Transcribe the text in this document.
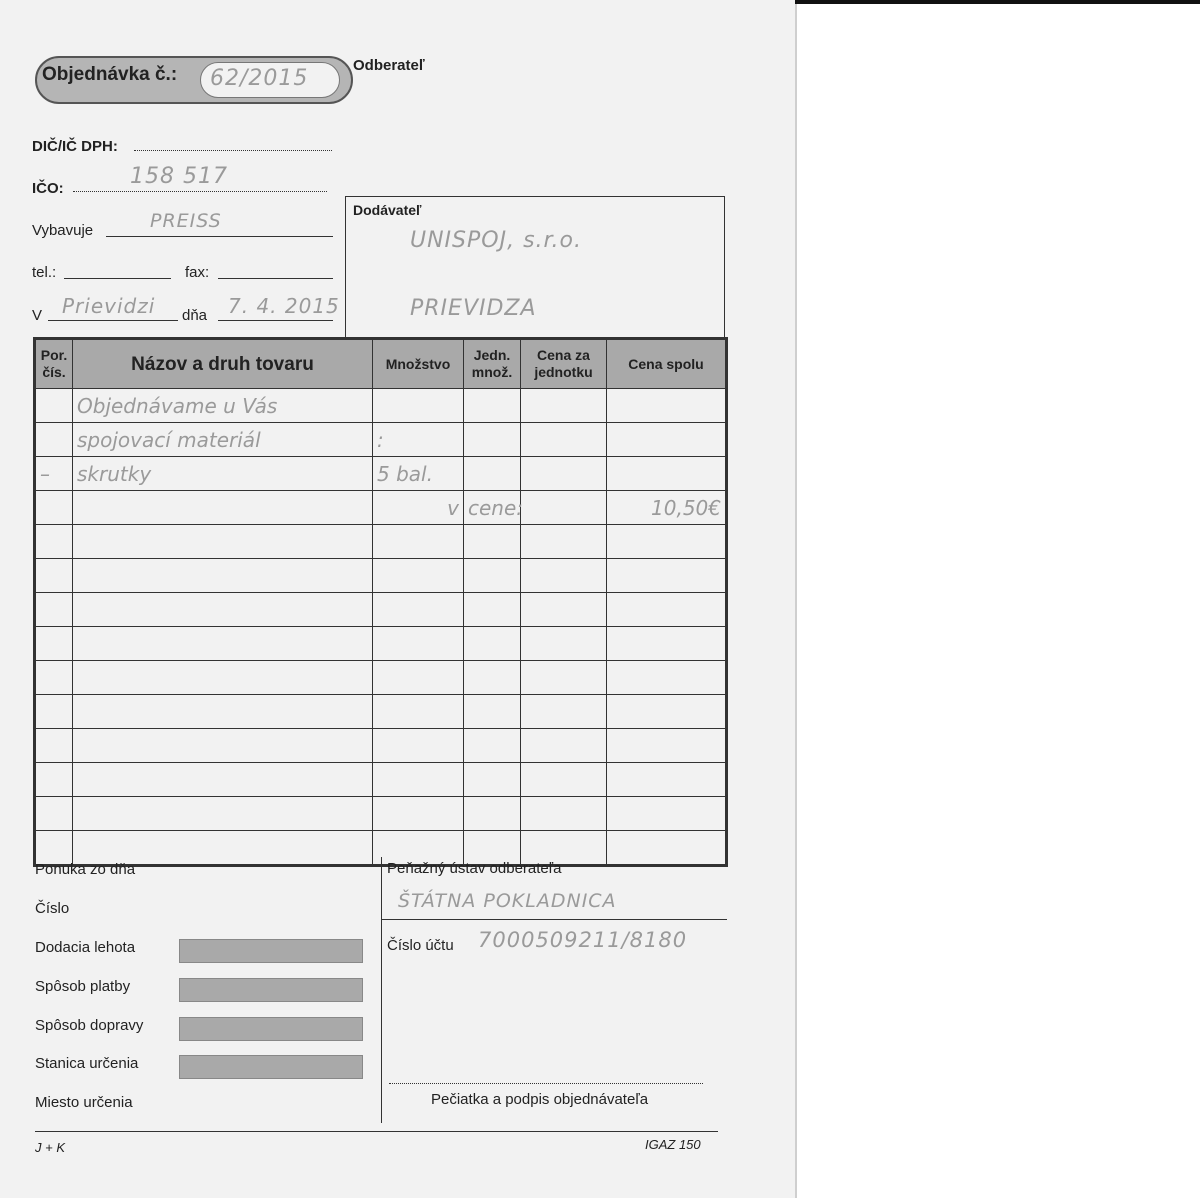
Objednávka č.: 62/2015
Odberateľ
DIČ/IČ DPH:
IČO:	158 517
Vybavuje	PREISS
tel.:	fax:
V Prievidzi dňa 7. 4. 2015
Dodávateľ
UNISPOJ, s.r.o.
PRIEVIDZA
Por. čís.	Názov a druh tovaru	Množstvo	Jedn. množ.	Cena za jednotku	Cena spolu
	Objednávame u Vás				
	spojovací materiál	:			
–	skrutky	5 bal.			
		v	cene:		10,50€

Ponuka zo dňa
Číslo
Dodacia lehota
Spôsob platby
Spôsob dopravy
Stanica určenia
Miesto určenia
Peňažný ústav odberateľa
ŠTÁTNA POKLADNICA
Číslo účtu 7000509211/8180
Pečiatka a podpis objednávateľa
J + K	IGAZ 150
